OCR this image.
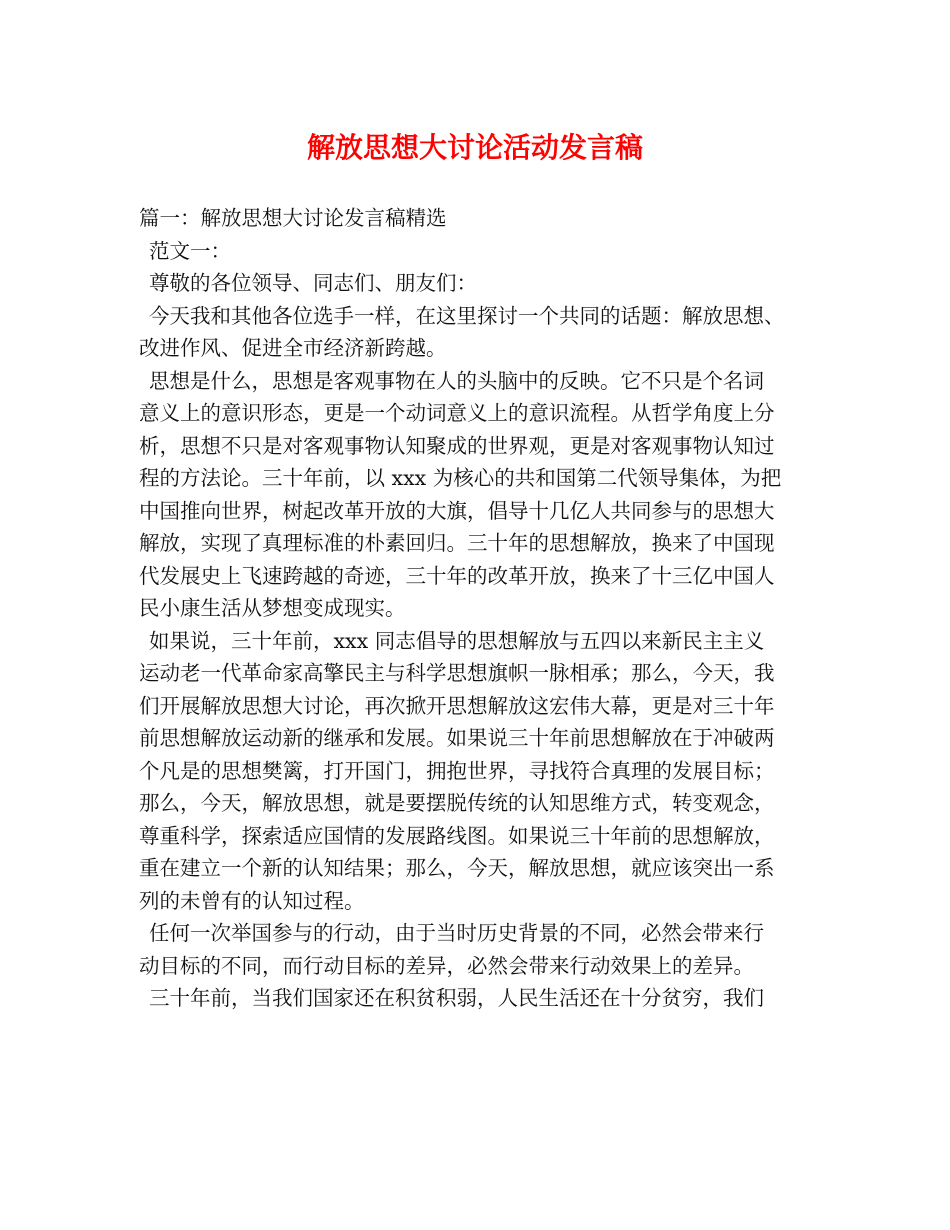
解放思想大讨论活动发言稿
篇一：解放思想大讨论发言稿精选
范文一：
尊敬的各位领导、同志们、朋友们：
今天我和其他各位选手一样，在这里探讨一个共同的话题：解放思想、
改进作风、促进全市经济新跨越。
思想是什么，思想是客观事物在人的头脑中的反映。它不只是个名词
意义上的意识形态，更是一个动词意义上的意识流程。从哲学角度上分
析，思想不只是对客观事物认知聚成的世界观，更是对客观事物认知过
程的方法论。三十年前，以 xxx 为核心的共和国第二代领导集体，为把
中国推向世界，树起改革开放的大旗，倡导十几亿人共同参与的思想大
解放，实现了真理标准的朴素回归。三十年的思想解放，换来了中国现
代发展史上飞速跨越的奇迹，三十年的改革开放，换来了十三亿中国人
民小康生活从梦想变成现实。
如果说，三十年前，xxx 同志倡导的思想解放与五四以来新民主主义
运动老一代革命家高擎民主与科学思想旗帜一脉相承；那么，今天，我
们开展解放思想大讨论，再次掀开思想解放这宏伟大幕，更是对三十年
前思想解放运动新的继承和发展。如果说三十年前思想解放在于冲破两
个凡是的思想樊篱，打开国门，拥抱世界，寻找符合真理的发展目标；
那么，今天，解放思想，就是要摆脱传统的认知思维方式，转变观念，
尊重科学，探索适应国情的发展路线图。如果说三十年前的思想解放，
重在建立一个新的认知结果；那么，今天，解放思想，就应该突出一系
列的未曾有的认知过程。
任何一次举国参与的行动，由于当时历史背景的不同，必然会带来行
动目标的不同，而行动目标的差异，必然会带来行动效果上的差异。
三十年前，当我们国家还在积贫积弱，人民生活还在十分贫穷，我们
